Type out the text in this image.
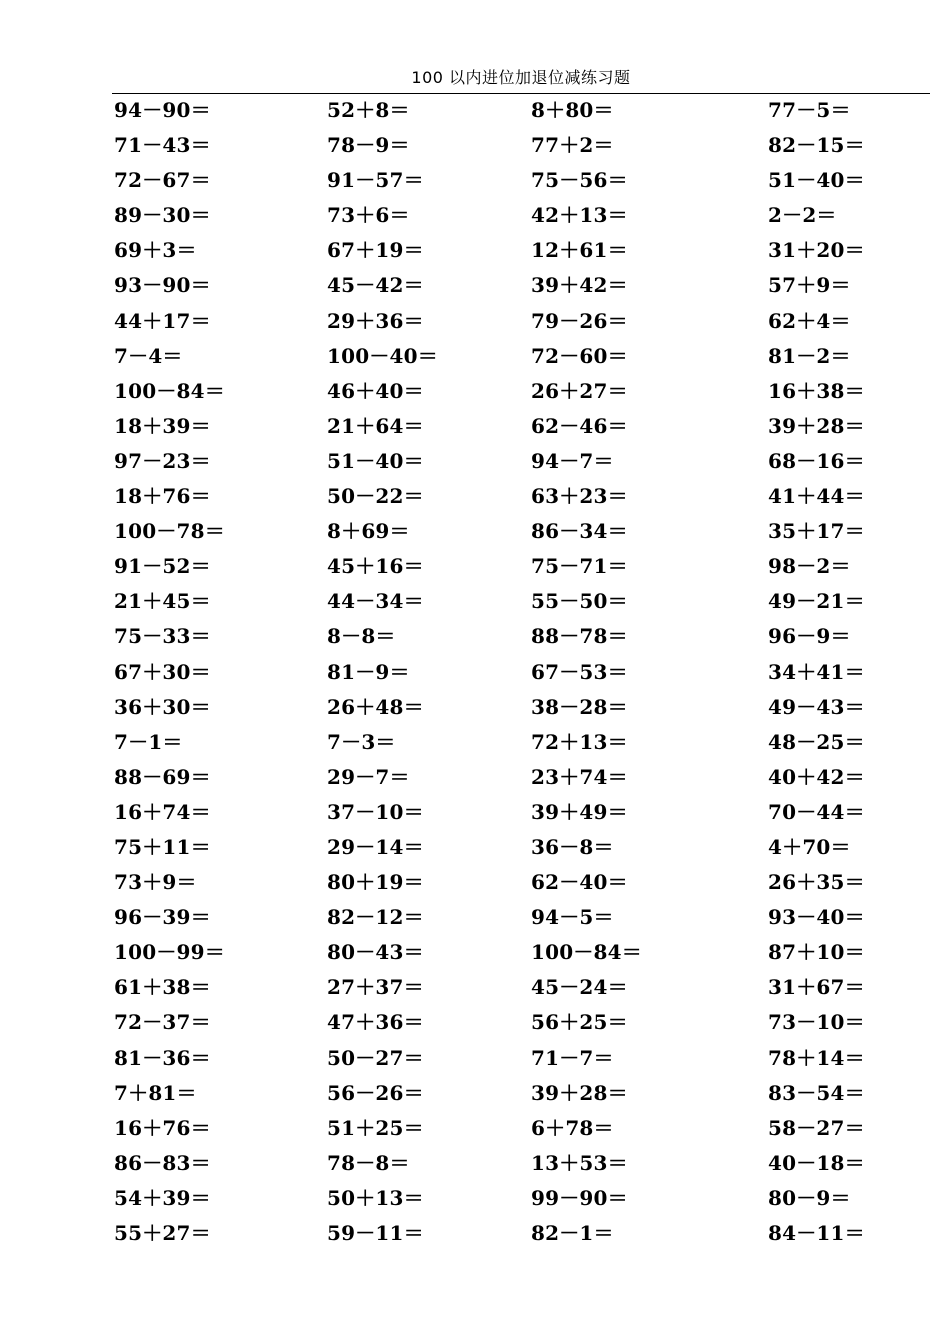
100 以内进位加退位减练习题
94－90＝	52＋8＝	8＋80＝	77－5＝
71－43＝	78－9＝	77＋2＝	82－15＝
72－67＝	91－57＝	75－56＝	51－40＝
89－30＝	73＋6＝	42＋13＝	2－2＝
69＋3＝	67＋19＝	12＋61＝	31＋20＝
93－90＝	45－42＝	39＋42＝	57＋9＝
44＋17＝	29＋36＝	79－26＝	62＋4＝
7－4＝	100－40＝	72－60＝	81－2＝
100－84＝	46＋40＝	26＋27＝	16＋38＝
18＋39＝	21＋64＝	62－46＝	39＋28＝
97－23＝	51－40＝	94－7＝	68－16＝
18＋76＝	50－22＝	63＋23＝	41＋44＝
100－78＝	8＋69＝	86－34＝	35＋17＝
91－52＝	45＋16＝	75－71＝	98－2＝
21＋45＝	44－34＝	55－50＝	49－21＝
75－33＝	8－8＝	88－78＝	96－9＝
67＋30＝	81－9＝	67－53＝	34＋41＝
36＋30＝	26＋48＝	38－28＝	49－43＝
7－1＝	7－3＝	72＋13＝	48－25＝
88－69＝	29－7＝	23＋74＝	40＋42＝
16＋74＝	37－10＝	39＋49＝	70－44＝
75＋11＝	29－14＝	36－8＝	4＋70＝
73＋9＝	80＋19＝	62－40＝	26＋35＝
96－39＝	82－12＝	94－5＝	93－40＝
100－99＝	80－43＝	100－84＝	87＋10＝
61＋38＝	27＋37＝	45－24＝	31＋67＝
72－37＝	47＋36＝	56＋25＝	73－10＝
81－36＝	50－27＝	71－7＝	78＋14＝
7＋81＝	56－26＝	39＋28＝	83－54＝
16＋76＝	51＋25＝	6＋78＝	58－27＝
86－83＝	78－8＝	13＋53＝	40－18＝
54＋39＝	50＋13＝	99－90＝	80－9＝
55＋27＝	59－11＝	82－1＝	84－11＝
